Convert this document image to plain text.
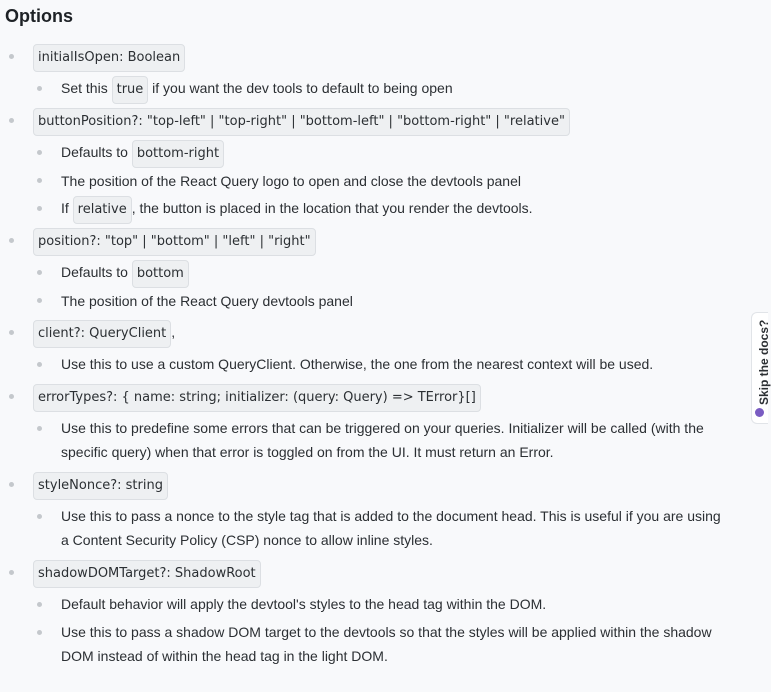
Options
initialIsOpen: Boolean
Set this true if you want the dev tools to default to being open
buttonPosition?: "top-left" | "top-right" | "bottom-left" | "bottom-right" | "relative"
Defaults to bottom-right
The position of the React Query logo to open and close the devtools panel
If relative , the button is placed in the location that you render the devtools.
position?: "top" | "bottom" | "left" | "right"
Defaults to bottom
The position of the React Query devtools panel
client?: QueryClient ,
Use this to use a custom QueryClient. Otherwise, the one from the nearest context will be used.
errorTypes?: { name: string; initializer: (query: Query) => TError}[]
Use this to predefine some errors that can be triggered on your queries. Initializer will be called (with the
specific query) when that error is toggled on from the UI. It must return an Error.
styleNonce?: string
Use this to pass a nonce to the style tag that is added to the document head. This is useful if you are using
a Content Security Policy (CSP) nonce to allow inline styles.
shadowDOMTarget?: ShadowRoot
Default behavior will apply the devtool's styles to the head tag within the DOM.
Use this to pass a shadow DOM target to the devtools so that the styles will be applied within the shadow
DOM instead of within the head tag in the light DOM.
Skip the docs?
